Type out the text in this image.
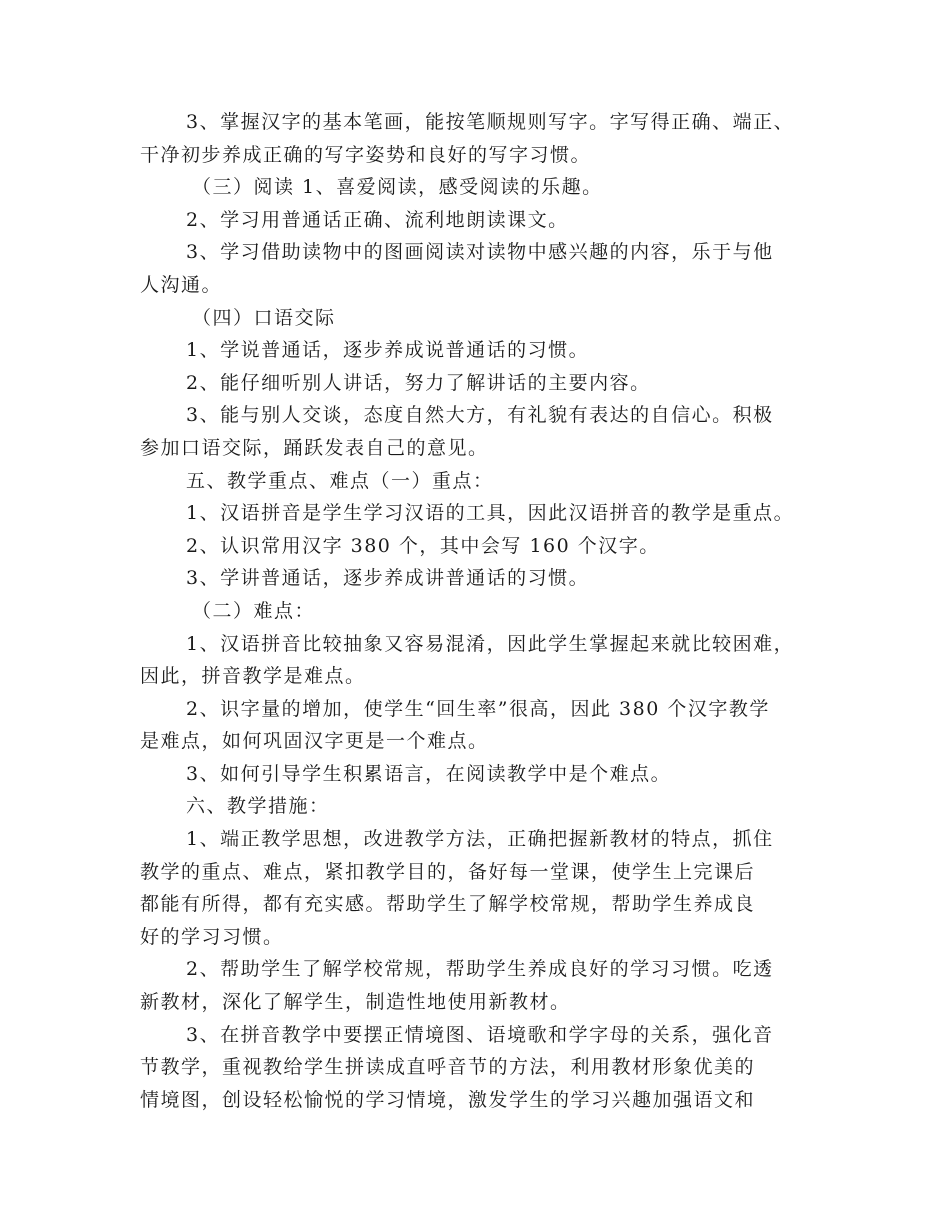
3、掌握汉字的基本笔画，能按笔顺规则写字。字写得正确、端正、

干净初步养成正确的写字姿势和良好的写字习惯。

（三）阅读 1、喜爱阅读，感受阅读的乐趣。

2、学习用普通话正确、流利地朗读课文。

3、学习借助读物中的图画阅读对读物中感兴趣的内容，乐于与他

人沟通。

（四）口语交际

1、学说普通话，逐步养成说普通话的习惯。

2、能仔细听别人讲话，努力了解讲话的主要内容。

3、能与别人交谈，态度自然大方，有礼貌有表达的自信心。积极

参加口语交际，踊跃发表自己的意见。

五、教学重点、难点（一）重点：

1、汉语拼音是学生学习汉语的工具，因此汉语拼音的教学是重点。

2、认识常用汉字 380 个，其中会写 160 个汉字。

3、学讲普通话，逐步养成讲普通话的习惯。

（二）难点：

1、汉语拼音比较抽象又容易混淆，因此学生掌握起来就比较困难，

因此，拼音教学是难点。

2、识字量的增加，使学生“回生率”很高，因此 380 个汉字教学

是难点，如何巩固汉字更是一个难点。

3、如何引导学生积累语言，在阅读教学中是个难点。

六、教学措施：

1、端正教学思想，改进教学方法，正确把握新教材的特点，抓住

教学的重点、难点，紧扣教学目的，备好每一堂课，使学生上完课后

都能有所得，都有充实感。帮助学生了解学校常规，帮助学生养成良

好的学习习惯。

2、帮助学生了解学校常规，帮助学生养成良好的学习习惯。吃透

新教材，深化了解学生，制造性地使用新教材。

3、在拼音教学中要摆正情境图、语境歌和学字母的关系，强化音

节教学，重视教给学生拼读成直呼音节的方法，利用教材形象优美的

情境图，创设轻松愉悦的学习情境，激发学生的学习兴趣加强语文和
